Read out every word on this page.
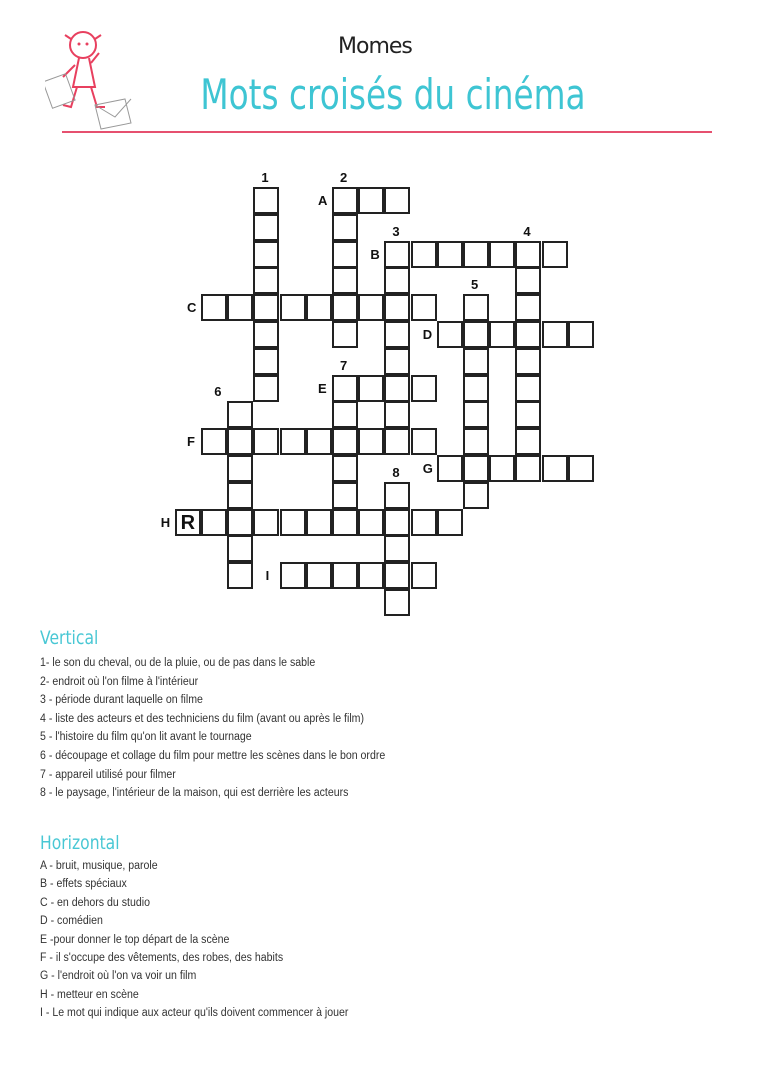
Momes
Mots croisés du cinéma
A
B
C
D
E
F
G
R
H
I
1	2
3	4
5
6
7
8
Vertical
1- le son du cheval, ou de la pluie, ou de pas dans le sable
2- endroit où l'on filme à l'intérieur
3 - période durant laquelle on filme
4 - liste des acteurs et des techniciens du film (avant ou après le film)
5 - l'histoire du film qu'on lit avant le tournage
6 - découpage et collage du film pour mettre les scènes dans le bon ordre
7 - appareil utilisé pour filmer
8 - le paysage, l'intérieur de la maison, qui est derrière les acteurs
Horizontal
A - bruit, musique, parole
B - effets spéciaux
C - en dehors du studio
D - comédien
E -pour donner le top départ de la scène
F - il s'occupe des vêtements, des robes, des habits
G - l'endroit où l'on va voir un film
H - metteur en scène
I - Le mot qui indique aux acteur qu'ils doivent commencer à jouer
